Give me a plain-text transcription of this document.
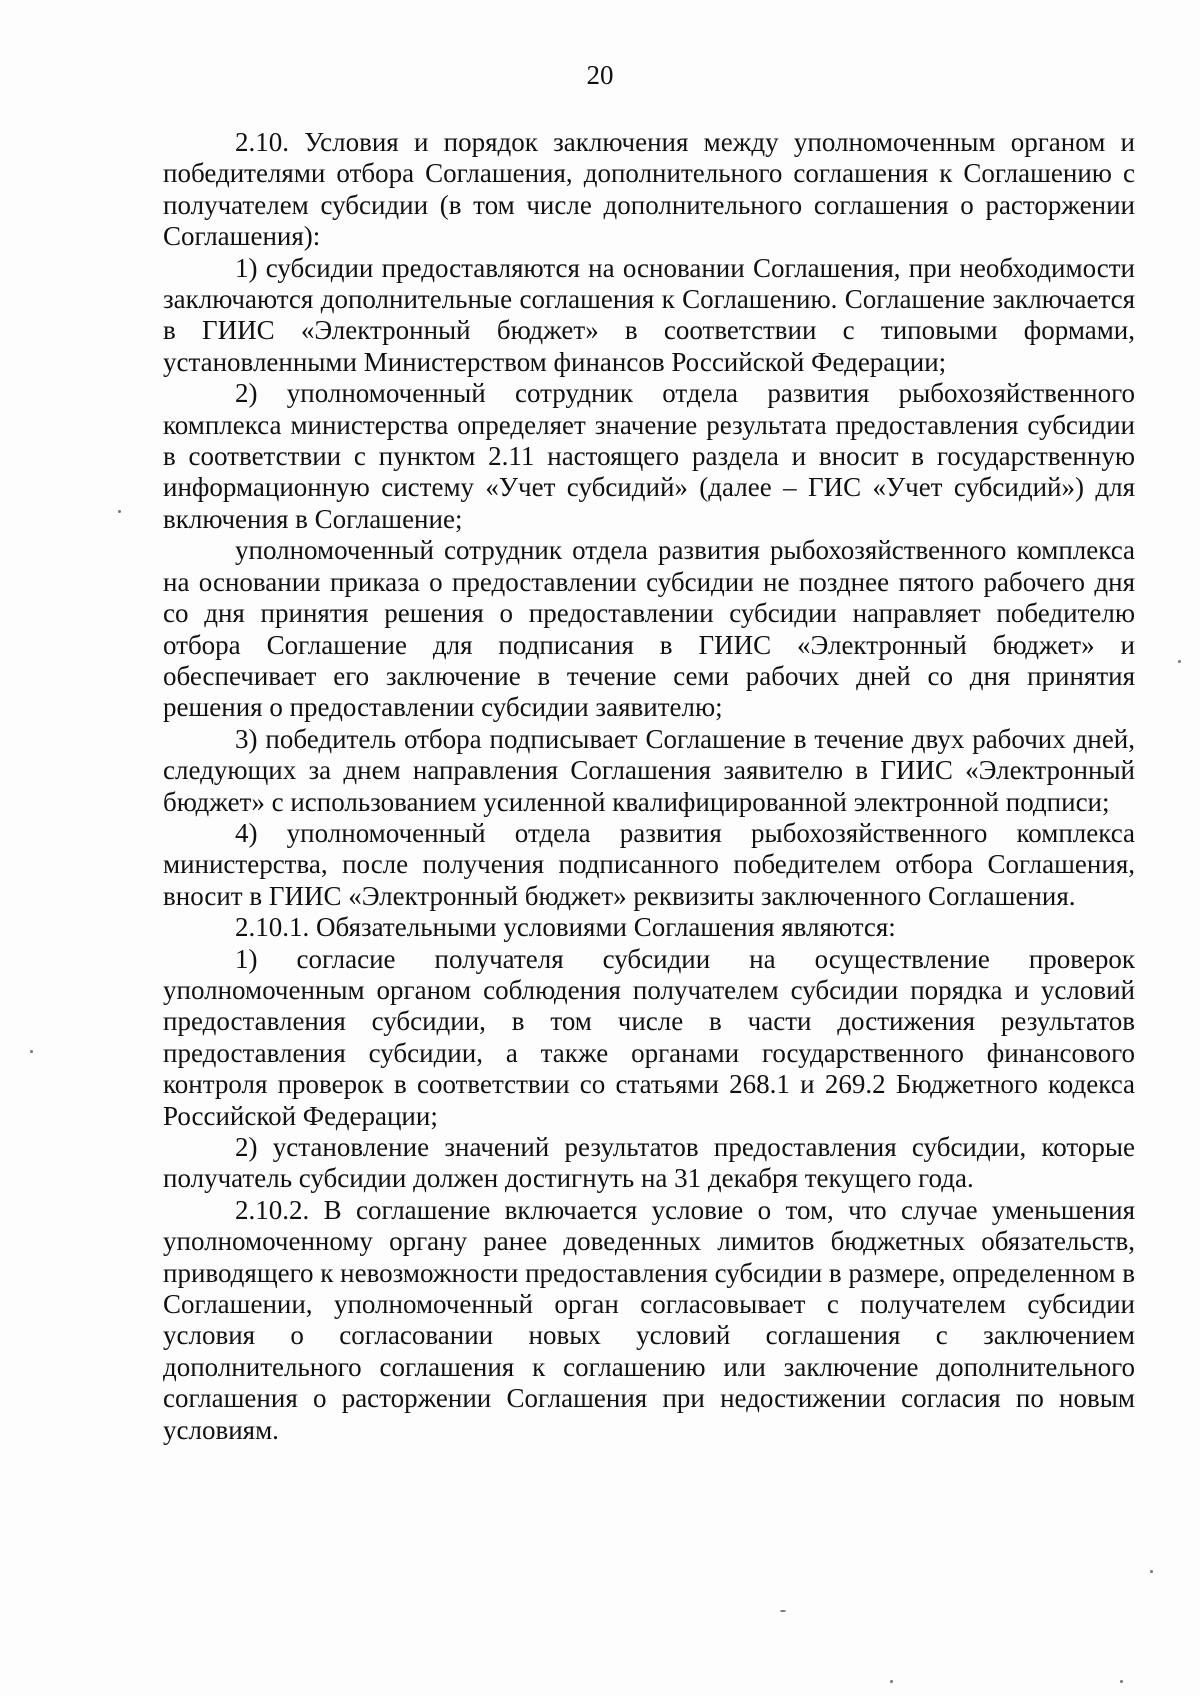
20

2.10. Условия и порядок заключения между уполномоченным органом и победителями отбора Соглашения, дополнительного соглашения к Соглашению с получателем субсидии (в том числе дополнительного соглашения о расторжении Соглашения):

1) субсидии предоставляются на основании Соглашения, при необходимости заключаются дополнительные соглашения к Соглашению. Соглашение заключается в ГИИС «Электронный бюджет» в соответствии с типовыми формами, установленными Министерством финансов Российской Федерации;

2) уполномоченный сотрудник отдела развития рыбохозяйственного комплекса министерства определяет значение результата предоставления субсидии в соответствии с пунктом 2.11 настоящего раздела и вносит в государственную информационную систему «Учет субсидий» (далее – ГИС «Учет субсидий») для включения в Соглашение;

уполномоченный сотрудник отдела развития рыбохозяйственного комплекса на основании приказа о предоставлении субсидии не позднее пятого рабочего дня со дня принятия решения о предоставлении субсидии направляет победителю отбора Соглашение для подписания в ГИИС «Электронный бюджет» и обеспечивает его заключение в течение семи рабочих дней со дня принятия решения о предоставлении субсидии заявителю;

3) победитель отбора подписывает Соглашение в течение двух рабочих дней, следующих за днем направления Соглашения заявителю в ГИИС «Электронный бюджет» с использованием усиленной квалифицированной электронной подписи;

4) уполномоченный отдела развития рыбохозяйственного комплекса министерства, после получения подписанного победителем отбора Соглашения, вносит в ГИИС «Электронный бюджет» реквизиты заключенного Соглашения.

2.10.1. Обязательными условиями Соглашения являются:

1) согласие получателя субсидии на осуществление проверок уполномоченным органом соблюдения получателем субсидии порядка и условий предоставления субсидии, в том числе в части достижения результатов предоставления субсидии, а также органами государственного финансового контроля проверок в соответствии со статьями 268.1 и 269.2 Бюджетного кодекса Российской Федерации;

2) установление значений результатов предоставления субсидии, которые получатель субсидии должен достигнуть на 31 декабря текущего года.

2.10.2. В соглашение включается условие о том, что случае уменьшения уполномоченному органу ранее доведенных лимитов бюджетных обязательств, приводящего к невозможности предоставления субсидии в размере, определенном в Соглашении, уполномоченный орган согласовывает с получателем субсидии условия о согласовании новых условий соглашения с заключением дополнительного соглашения к соглашению или заключение дополнительного соглашения о расторжении Соглашения при недостижении согласия по новым условиям.
